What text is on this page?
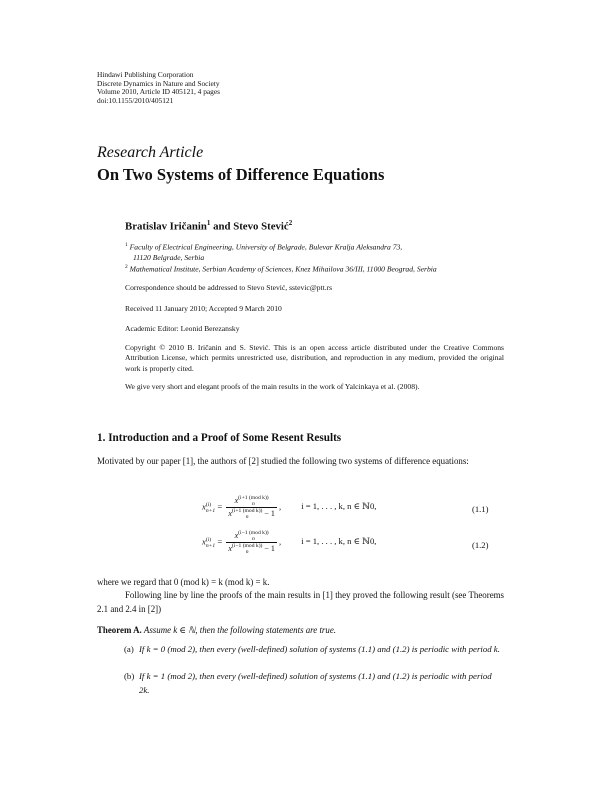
Hindawi Publishing Corporation
Discrete Dynamics in Nature and Society
Volume 2010, Article ID 405121, 4 pages
doi:10.1155/2010/405121
Research Article
On Two Systems of Difference Equations
Bratislav Iričanin$^1$ and Stevo Stević$^2$
$^1$ Faculty of Electrical Engineering, University of Belgrade, Bulevar Kralja Aleksandra 73,
11120 Belgrade, Serbia
$^2$ Mathematical Institute, Serbian Academy of Sciences, Knez Mihailova 36/III, 11000 Beograd, Serbia
Correspondence should be addressed to Stevo Stević, sstevic@ptt.rs
Received 11 January 2010; Accepted 9 March 2010
Academic Editor: Leonid Berezansky
Copyright © 2010 B. Iričanin and S. Stević. This is an open access article distributed under the Creative Commons Attribution License, which permits unrestricted use, distribution, and reproduction in any medium, provided the original work is properly cited.
We give very short and elegant proofs of the main results in the work of Yalcinkaya et al. (2008).
1. Introduction and a Proof of Some Resent Results
Motivated by our paper [1], the authors of [2] studied the following two systems of difference equations:
x (i)
n+1 = x (i+1 (mod k))
n
x (i+1 (mod k))
n	− 1 , i = 1, . . . , k, n ∈ ℕ0,	(1.1)
x (i)
n+1 = x (i−1 (mod k))
n
x (i−1 (mod k))
n	− 1 , i = 1, . . . , k, n ∈ ℕ0,	(1.2)
where we regard that 0 (mod k) = k (mod k) = k.
Following line by line the proofs of the main results in [1] they proved the following result (see Theorems 2.1 and 2.4 in [2])
Theorem A. Assume k ∈ ℕ, then the following statements are true.
(a) If k = 0 (mod 2), then every (well-defined) solution of systems (1.1) and (1.2) is periodic with period k.
(b) If k = 1 (mod 2), then every (well-defined) solution of systems (1.1) and (1.2) is periodic with period 2k.
